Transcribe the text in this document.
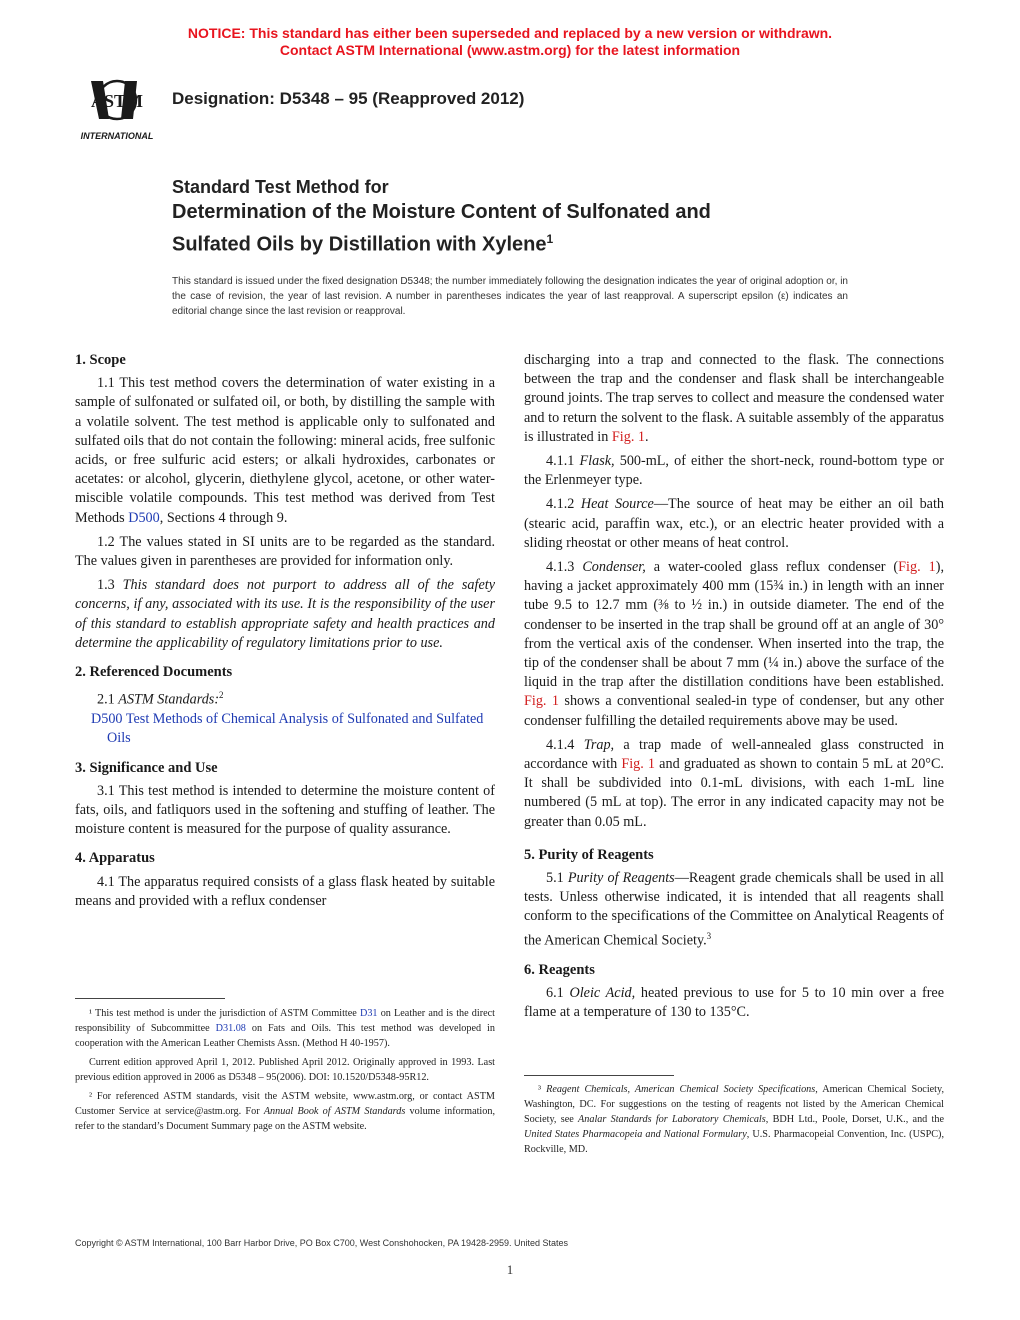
NOTICE: This standard has either been superseded and replaced by a new version or withdrawn.
Contact ASTM International (www.astm.org) for the latest information
ASTM
INTERNATIONAL
Designation: D5348 – 95 (Reapproved 2012)
Standard Test Method for
Determination of the Moisture Content of Sulfonated and
Sulfated Oils by Distillation with Xylene$^1$
This standard is issued under the fixed designation D5348; the number immediately following the designation indicates the year of original adoption or, in the case of revision, the year of last revision. A number in parentheses indicates the year of last reapproval. A superscript epsilon (ε) indicates an editorial change since the last revision or reapproval.
1. Scope

1.1 This test method covers the determination of water existing in a sample of sulfonated or sulfated oil, or both, by distilling the sample with a volatile solvent. The test method is applicable only to sulfonated and sulfated oils that do not contain the following: mineral acids, free sulfonic acids, or free sulfuric acid esters; or alkali hydroxides, carbonates or acetates: or alcohol, glycerin, diethylene glycol, acetone, or other water-miscible volatile compounds. This test method was derived from Test Methods D500, Sections 4 through 9.

1.2 The values stated in SI units are to be regarded as the standard. The values given in parentheses are provided for information only.

1.3 This standard does not purport to address all of the safety concerns, if any, associated with its use. It is the responsibility of the user of this standard to establish appropriate safety and health practices and determine the applicability of regulatory limitations prior to use.

2. Referenced Documents

2.1 ASTM Standards:$^2$

D500 Test Methods of Chemical Analysis of Sulfonated and Sulfated Oils

3. Significance and Use

3.1 This test method is intended to determine the moisture content of fats, oils, and fatliquors used in the softening and stuffing of leather. The moisture content is measured for the purpose of quality assurance.

4. Apparatus

4.1 The apparatus required consists of a glass flask heated by suitable means and provided with a reflux condenser

¹ This test method is under the jurisdiction of ASTM Committee D31 on Leather and is the direct responsibility of Subcommittee D31.08 on Fats and Oils. This test method was developed in cooperation with the American Leather Chemists Assn. (Method H 40-1957).

Current edition approved April 1, 2012. Published April 2012. Originally approved in 1993. Last previous edition approved in 2006 as D5348 – 95(2006). DOI: 10.1520/D5348-95R12.

² For referenced ASTM standards, visit the ASTM website, www.astm.org, or contact ASTM Customer Service at service@astm.org. For Annual Book of ASTM Standards volume information, refer to the standard’s Document Summary page on the ASTM website.

discharging into a trap and connected to the flask. The connections between the trap and the condenser and flask shall be interchangeable ground joints. The trap serves to collect and measure the condensed water and to return the solvent to the flask. A suitable assembly of the apparatus is illustrated in Fig. 1.

4.1.1 Flask, 500-mL, of either the short-neck, round-bottom type or the Erlenmeyer type.

4.1.2 Heat Source—The source of heat may be either an oil bath (stearic acid, paraffin wax, etc.), or an electric heater provided with a sliding rheostat or other means of heat control.

4.1.3 Condenser, a water-cooled glass reflux condenser (Fig. 1), having a jacket approximately 400 mm (15¾ in.) in length with an inner tube 9.5 to 12.7 mm (⅜ to ½ in.) in outside diameter. The end of the condenser to be inserted in the trap shall be ground off at an angle of 30° from the vertical axis of the condenser. When inserted into the trap, the tip of the condenser shall be about 7 mm (¼ in.) above the surface of the liquid in the trap after the distillation conditions have been established. Fig. 1 shows a conventional sealed-in type of condenser, but any other condenser fulfilling the detailed requirements above may be used.

4.1.4 Trap, a trap made of well-annealed glass constructed in accordance with Fig. 1 and graduated as shown to contain 5 mL at 20°C. It shall be subdivided into 0.1-mL divisions, with each 1-mL line numbered (5 mL at top). The error in any indicated capacity may not be greater than 0.05 mL.

5. Purity of Reagents

5.1 Purity of Reagents—Reagent grade chemicals shall be used in all tests. Unless otherwise indicated, it is intended that all reagents shall conform to the specifications of the Committee on Analytical Reagents of the American Chemical Society.$^3$

6. Reagents

6.1 Oleic Acid, heated previous to use for 5 to 10 min over a free flame at a temperature of 130 to 135°C.

³ Reagent Chemicals, American Chemical Society Specifications, American Chemical Society, Washington, DC. For suggestions on the testing of reagents not listed by the American Chemical Society, see Analar Standards for Laboratory Chemicals, BDH Ltd., Poole, Dorset, U.K., and the United States Pharmacopeia and National Formulary, U.S. Pharmacopeial Convention, Inc. (USPC), Rockville, MD.

Copyright © ASTM International, 100 Barr Harbor Drive, PO Box C700, West Conshohocken, PA 19428-2959. United States
1
